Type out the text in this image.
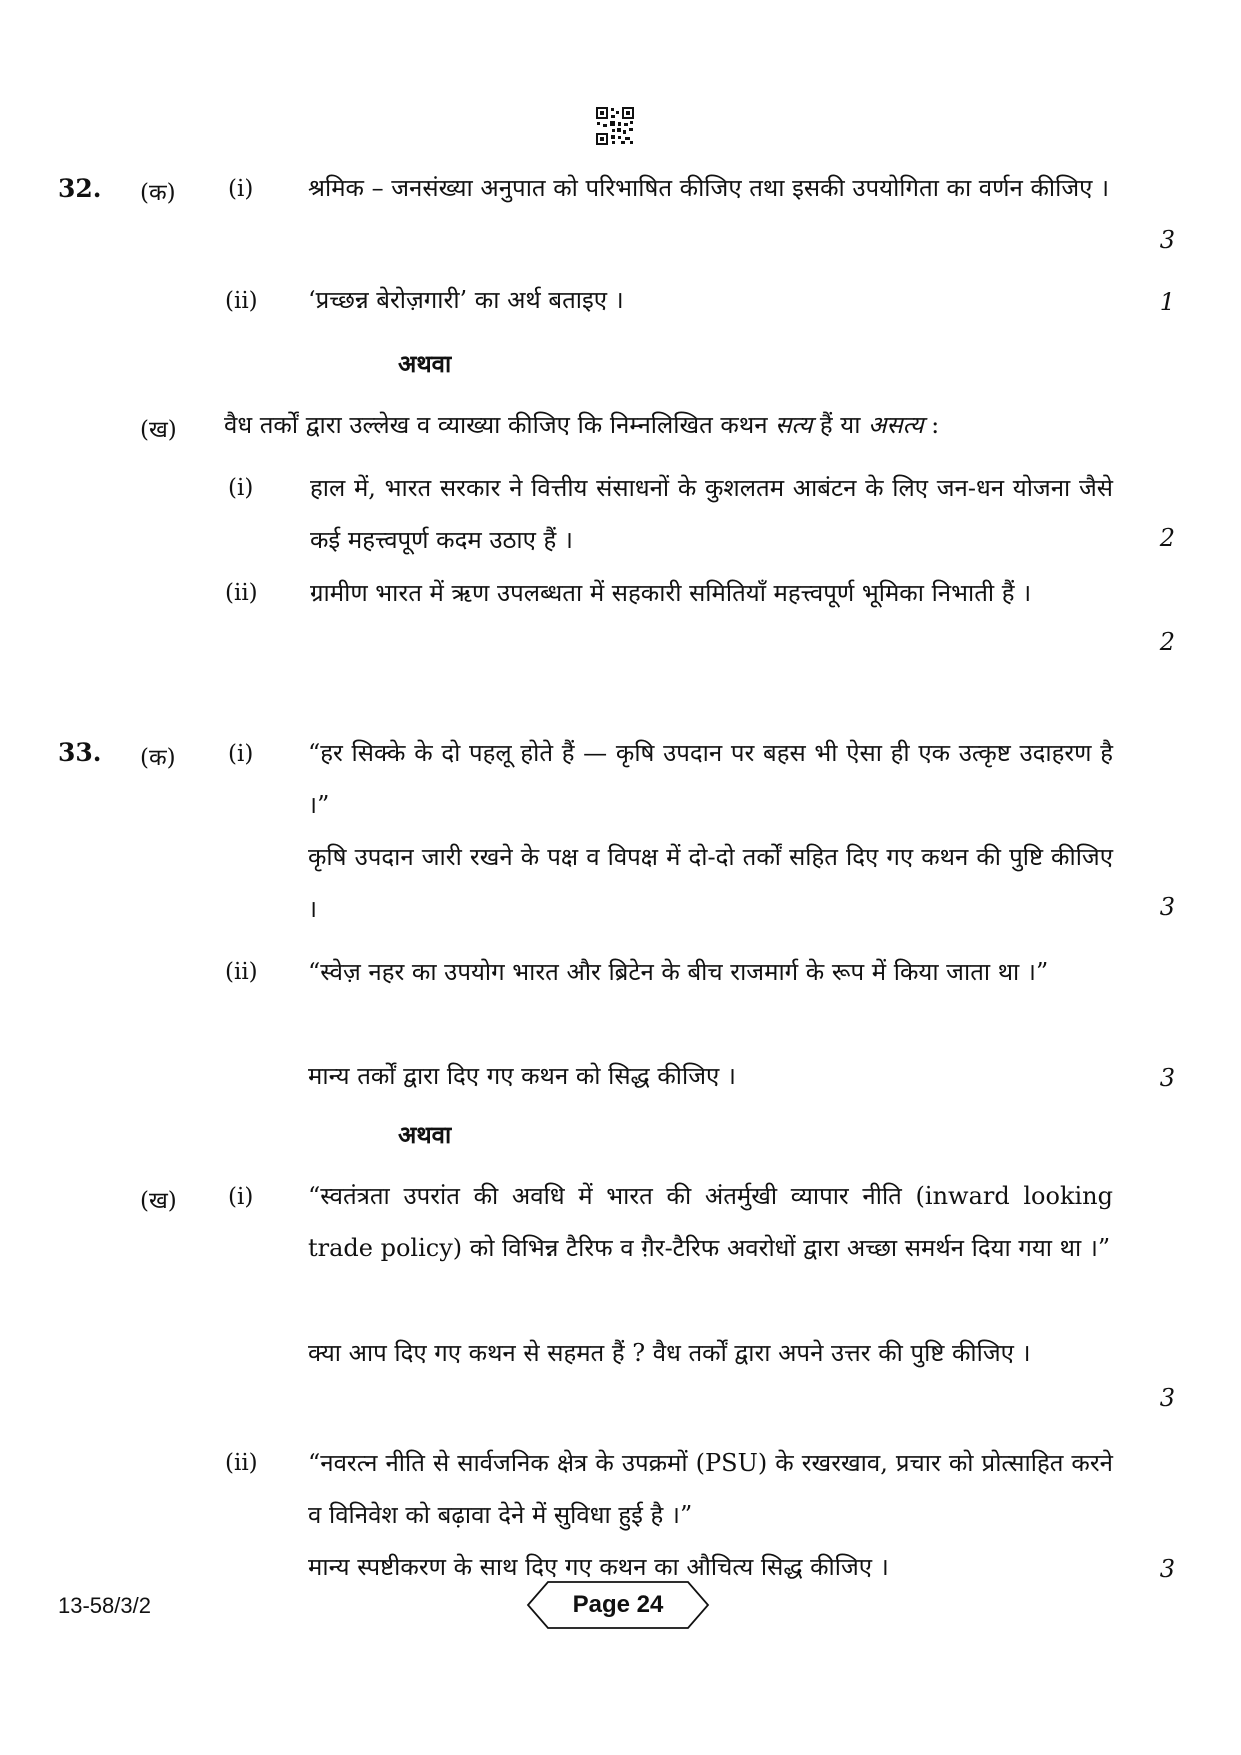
32. (क) (i) श्रमिक – जनसंख्या अनुपात को परिभाषित कीजिए तथा इसकी उपयोगिता का वर्णन कीजिए ।
3
(ii) ‘प्रच्छन्न बेरोज़गारी’ का अर्थ बताइए ।	1
अथवा
(ख) वैध तर्कों द्वारा उल्लेख व व्याख्या कीजिए कि निम्नलिखित कथन सत्य हैं या असत्य :
(i) हाल में, भारत सरकार ने वित्तीय संसाधनों के कुशलतम आबंटन के लिए जन-धन योजना जैसे कई महत्त्वपूर्ण कदम उठाए हैं ।	2
(ii) ग्रामीण भारत में ऋण उपलब्धता में सहकारी समितियाँ महत्त्वपूर्ण भूमिका निभाती हैं ।
2
33. (क) (i) “हर सिक्के के दो पहलू होते हैं — कृषि उपदान पर बहस भी ऐसा ही एक उत्कृष्ट उदाहरण है ।”
कृषि उपदान जारी रखने के पक्ष व विपक्ष में दो-दो तर्कों सहित दिए गए कथन की पुष्टि कीजिए ।	3
(ii) “स्वेज़ नहर का उपयोग भारत और ब्रिटेन के बीच राजमार्ग के रूप में किया जाता था ।”
मान्य तर्कों द्वारा दिए गए कथन को सिद्ध कीजिए ।	3
अथवा
(ख) (i) “स्वतंत्रता उपरांत की अवधि में भारत की अंतर्मुखी व्यापार नीति (inward looking trade policy) को विभिन्न टैरिफ व ग़ैर-टैरिफ अवरोधों द्वारा अच्छा समर्थन दिया गया था ।”
क्या आप दिए गए कथन से सहमत हैं ? वैध तर्कों द्वारा अपने उत्तर की पुष्टि कीजिए ।
3
(ii) “नवरत्न नीति से सार्वजनिक क्षेत्र के उपक्रमों (PSU) के रखरखाव, प्रचार को प्रोत्साहित करने व विनिवेश को बढ़ावा देने में सुविधा हुई है ।”
मान्य स्पष्टीकरण के साथ दिए गए कथन का औचित्य सिद्ध कीजिए ।	3
13-58/3/2	Page 24
